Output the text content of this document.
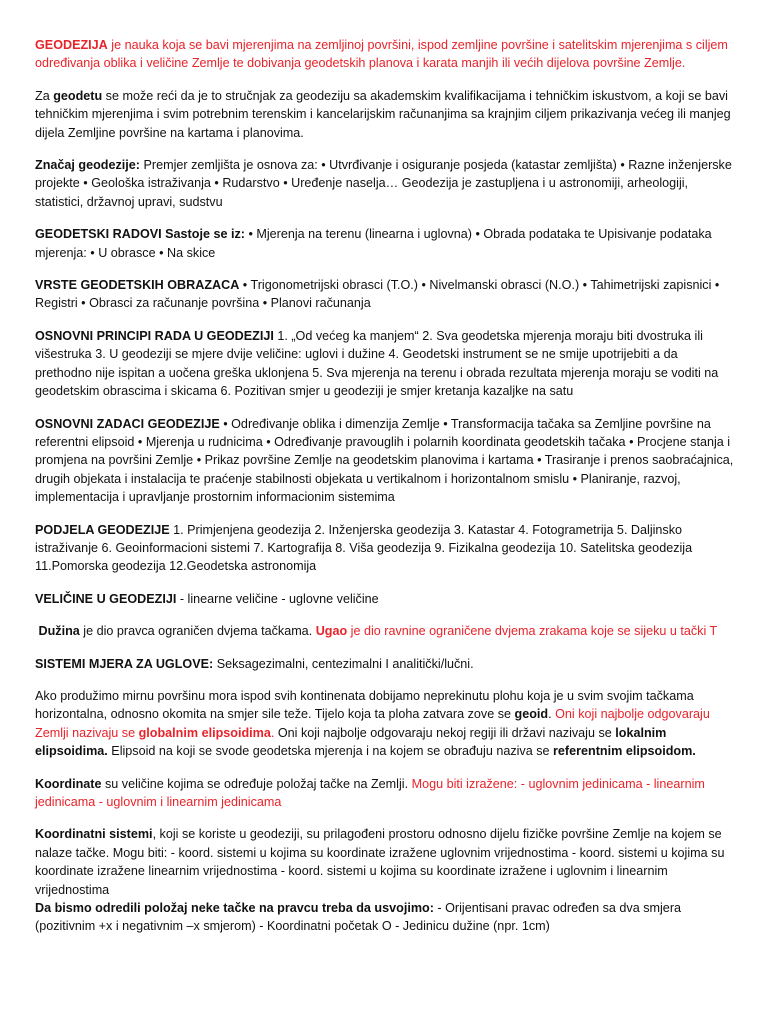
GEODEZIJA je nauka koja se bavi mjerenjima na zemljinoj površini, ispod zemljine površine i satelitskim mjerenjima s ciljem određivanja oblika i veličine Zemlje te dobivanja geodetskih planova i karata manjih ili većih dijelova površine Zemlje.

Za geodetu se može reći da je to stručnjak za geodeziju sa akademskim kvalifikacijama i tehničkim iskustvom, a koji se bavi tehničkim mjerenjima i svim potrebnim terenskim i kancelarijskim računanjima sa krajnjim ciljem prikazivanja većeg ili manjeg dijela Zemljine površine na kartama i planovima.

Značaj geodezije: Premjer zemljišta je osnova za: • Utvrđivanje i osiguranje posjeda (katastar zemljišta) • Razne inženjerske projekte • Geološka istraživanja • Rudarstvo • Uređenje naselja… Geodezija je zastupljena i u astronomiji, arheologiji, statistici, državnoj upravi, sudstvu

GEODETSKI RADOVI Sastoje se iz: • Mjerenja na terenu (linearna i uglovna) • Obrada podataka te Upisivanje podataka mjerenja: • U obrasce • Na skice

VRSTE GEODETSKIH OBRAZACA • Trigonometrijski obrasci (T.O.) • Nivelmanski obrasci (N.O.) • Tahimetrijski zapisnici • Registri • Obrasci za računanje površina • Planovi računanja

OSNOVNI PRINCIPI RADA U GEODEZIJI 1. „Od većeg ka manjem“ 2. Sva geodetska mjerenja moraju biti dvostruka ili višestruka 3. U geodeziji se mjere dvije veličine: uglovi i dužine 4. Geodetski instrument se ne smije upotrijebiti a da prethodno nije ispitan a uočena greška uklonjena 5. Sva mjerenja na terenu i obrada rezultata mjerenja moraju se voditi na geodetskim obrascima i skicama 6. Pozitivan smjer u geodeziji je smjer kretanja kazaljke na satu

OSNOVNI ZADACI GEODEZIJE • Određivanje oblika i dimenzija Zemlje • Transformacija tačaka sa Zemljine površine na referentni elipsoid • Mjerenja u rudnicima • Određivanje pravouglih i polarnih koordinata geodetskih tačaka • Procjene stanja i promjena na površini Zemlje • Prikaz površine Zemlje na geodetskim planovima i kartama • Trasiranje i prenos saobraćajnica, drugih objekata i instalacija te praćenje stabilnosti objekata u vertikalnom i horizontalnom smislu • Planiranje, razvoj, implementacija i upravljanje prostornim informacionim sistemima

PODJELA GEODEZIJE 1. Primjenjena geodezija 2. Inženjerska geodezija 3. Katastar 4. Fotogrametrija 5. Daljinsko istraživanje 6. Geoinformacioni sistemi 7. Kartografija 8. Viša geodezija 9. Fizikalna geodezija 10. Satelitska geodezija 11.Pomorska geodezija 12.Geodetska astronomija

VELIČINE U GEODEZIJI - linearne veličine - uglovne veličine

Dužina je dio pravca ograničen dvjema tačkama. Ugao je dio ravnine ograničene dvjema zrakama koje se sijeku u tački T

SISTEMI MJERA ZA UGLOVE: Seksagezimalni, centezimalni I analitički/lučni.

Ako produžimo mirnu površinu mora ispod svih kontinenata dobijamo neprekinutu plohu koja je u svim svojim tačkama horizontalna, odnosno okomita na smjer sile teže. Tijelo koja ta ploha zatvara zove se geoid. Oni koji najbolje odgovaraju Zemlji nazivaju se globalnim elipsoidima. Oni koji najbolje odgovaraju nekoj regiji ili državi nazivaju se lokalnim elipsoidima. Elipsoid na koji se svode geodetska mjerenja i na kojem se obrađuju naziva se referentnim elipsoidom.

Koordinate su veličine kojima se određuje položaj tačke na Zemlji. Mogu biti izražene: - uglovnim jedinicama - linearnim jedinicama - uglovnim i linearnim jedinicama

Koordinatni sistemi, koji se koriste u geodeziji, su prilagođeni prostoru odnosno dijelu fizičke površine Zemlje na kojem se nalaze tačke. Mogu biti: - koord. sistemi u kojima su koordinate izražene uglovnim vrijednostima - koord. sistemi u kojima su koordinate izražene linearnim vrijednostima - koord. sistemi u kojima su koordinate izražene i uglovnim i linearnim vrijednostima

Da bismo odredili položaj neke tačke na pravcu treba da usvojimo: - Orijentisani pravac određen sa dva smjera (pozitivnim +x i negativnim –x smjerom) - Koordinatni početak O - Jedinicu dužine (npr. 1cm)
